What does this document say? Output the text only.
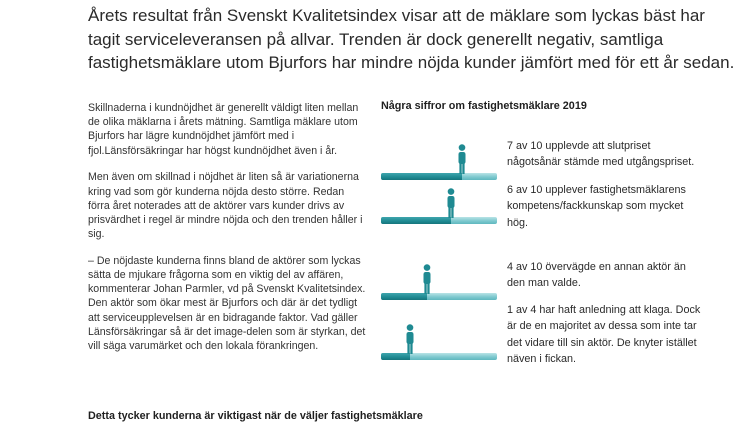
Årets resultat från Svenskt Kvalitetsindex visar att de mäklare som lyckas bäst har tagit serviceleveransen på allvar. Trenden är dock generellt negativ, samtliga fastighetsmäklare utom Bjurfors har mindre nöjda kunder jämfört med för ett år sedan.

Skillnaderna i kundnöjdhet är generellt väldigt liten mellan de olika mäklarna i årets mätning. Samtliga mäklare utom Bjurfors har lägre kundnöjdhet jämfört med i fjol.Länsförsäkringar har högst kundnöjdhet även i år.

Men även om skillnad i nöjdhet är liten så är variationerna kring vad som gör kunderna nöjda desto större. Redan förra året noterades att de aktörer vars kunder drivs av prisvärdhet i regel är mindre nöjda och den trenden håller i sig.

– De nöjdaste kunderna finns bland de aktörer som lyckas sätta de mjukare frågorna som en viktig del av affären, kommenterar Johan Parmler, vd på Svenskt Kvalitetsindex. Den aktör som ökar mest är Bjurfors och där är det tydligt att serviceupplevelsen är en bidragande faktor. Vad gäller Länsförsäkringar så är det image-delen som är styrkan, det vill säga varumärket och den lokala förankringen.

Några siffror om fastighetsmäklare 2019

7 av 10 upplevde att slutpriset någotsånär stämde med utgångspriset.

6 av 10 upplever fastighetsmäklarens kompetens/fackkunskap som mycket hög.

4 av 10 övervägde en annan aktör än den man valde.

1 av 4 har haft anledning att klaga. Dock är de en majoritet av dessa som inte tar det vidare till sin aktör. De knyter istället näven i fickan.

Detta tycker kunderna är viktigast när de väljer fastighetsmäklare
